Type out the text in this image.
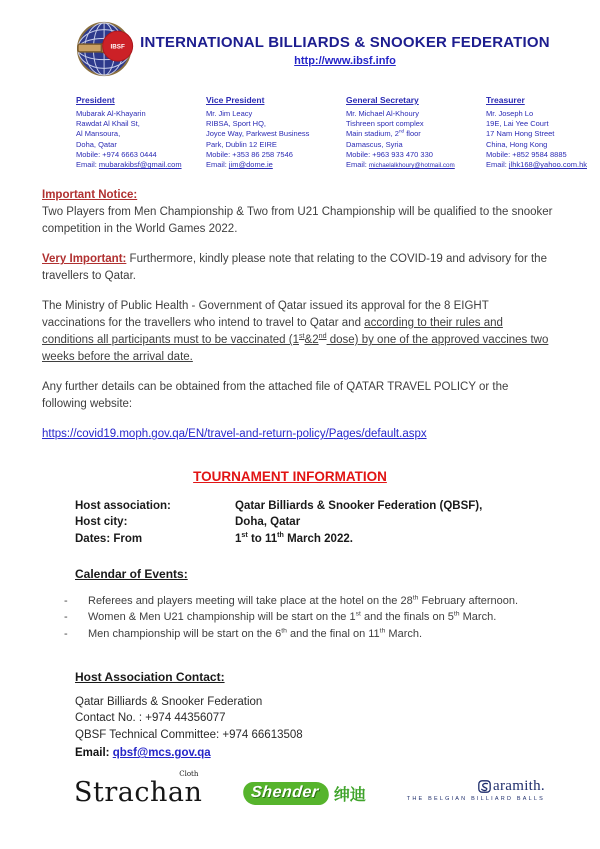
IBSF INTERNATIONAL BILLIARDS & SNOOKER FEDERATION
http://www.ibsf.info
President
Mubarak Al-Khayarin
Rawdat Al Khail St,
Al Mansoura,
Doha, Qatar
Mobile: +974 6663 0444
Email: mubarakibsf@gmail.com
Vice President
Mr. Jim Leacy
RIBSA, Sport HQ,
Joyce Way, Parkwest Business
Park, Dublin 12 EIRE
Mobile: +353 86 258 7546
Email: jim@dome.ie
General Secretary
Mr. Michael Al-Khoury
Tishreen sport complex
Main stadium, 2nd floor
Damascus, Syria
Mobile: +963 933 470 330
Email: michaelalkhoury@hotmail.com
Treasurer
Mr. Joseph Lo
19E, Lai Yee Court
17 Nam Hong Street
China, Hong Kong
Mobile: +852 9584 8885
Email: jlhk168@yahoo.com.hk
Important Notice:

Two Players from Men Championship & Two from U21 Championship will be qualified to the snooker competition in the World Games 2022.

Very Important: Furthermore, kindly please note that relating to the COVID-19 and advisory for the travellers to Qatar.

The Ministry of Public Health - Government of Qatar issued its approval for the 8 EIGHT vaccinations for the travellers who intend to travel to Qatar and according to their rules and conditions all participants must to be vaccinated (1st&2nd dose) by one of the approved vaccines two weeks before the arrival date.

Any further details can be obtained from the attached file of QATAR TRAVEL POLICY or the following website:

https://covid19.moph.gov.qa/EN/travel-and-return-policy/Pages/default.aspx

TOURNAMENT INFORMATION
Host association:	Qatar Billiards & Snooker Federation (QBSF),
Host city:	Doha, Qatar
Dates: From	1st to 11th March 2022.
Calendar of Events:
-	Referees and players meeting will take place at the hotel on the 28th February afternoon.
-	Women & Men U21 championship will be start on the 1st and the finals on 5th March.
-	Men championship will be start on the 6th and the final on 11th March.
Host Association Contact:
Qatar Billiards & Snooker Federation
Contact No. : +974 44356077
QBSF Technical Committee: +974 66613508
Email: qbsf@mcs.gov.qa
Cloth
Strachan	Shender 绅迪
aramith.
THE BELGIAN BILLIARD BALLS
